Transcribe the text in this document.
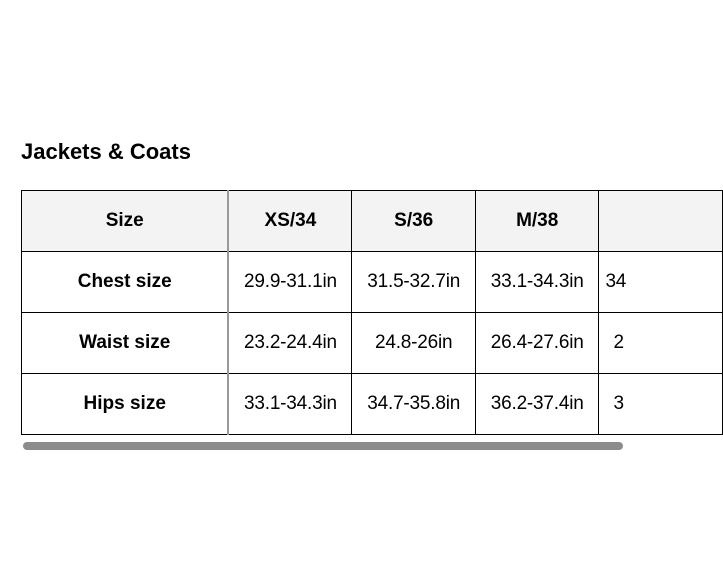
Jackets & Coats
Size	XS/34	S/36	M/38	
Chest size	29.9-31.1in	31.5-32.7in	33.1-34.3in	34
Waist size	23.2-24.4in	24.8-26in	26.4-27.6in	2
Hips size	33.1-34.3in	34.7-35.8in	36.2-37.4in	3
